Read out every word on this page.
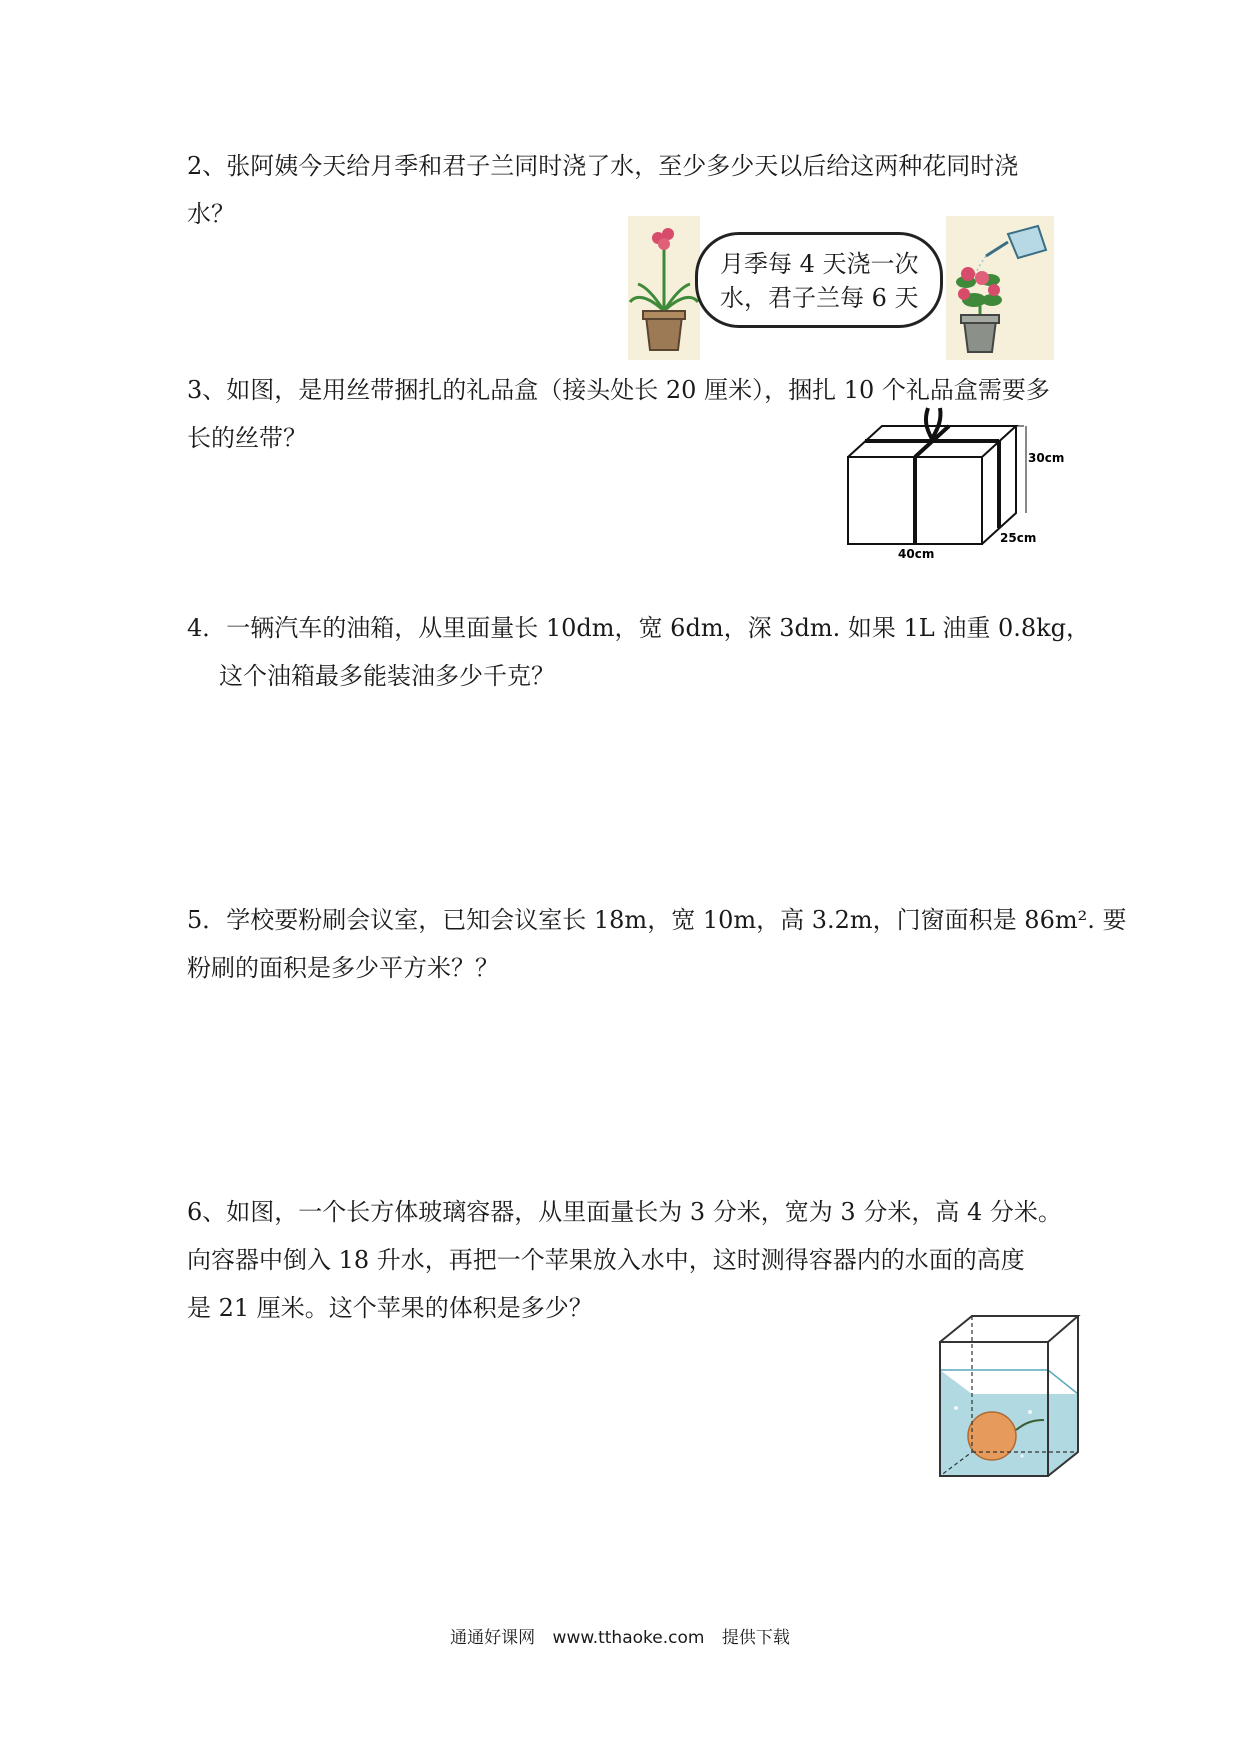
2、张阿姨今天给月季和君子兰同时浇了水，至少多少天以后给这两种花同时浇
水？
月季每 4 天浇一次
水，君子兰每 6 天
3、如图，是用丝带捆扎的礼品盒（接头处长 20 厘米），捆扎 10 个礼品盒需要多
长的丝带？
30cm
25cm
40cm
4．一辆汽车的油箱，从里面量长 10dm，宽 6dm，深 3dm. 如果 1L 油重 0.8kg，
这个油箱最多能装油多少千克？
5．学校要粉刷会议室，已知会议室长 18m，宽 10m，高 3.2m，门窗面积是 86m². 要
粉刷的面积是多少平方米？？
6、如图，一个长方体玻璃容器，从里面量长为 3 分米，宽为 3 分米，高 4 分米。
向容器中倒入 18 升水，再把一个苹果放入水中，这时测得容器内的水面的高度
是 21 厘米。这个苹果的体积是多少？
通通好课网 www.tthaoke.com 提供下载
